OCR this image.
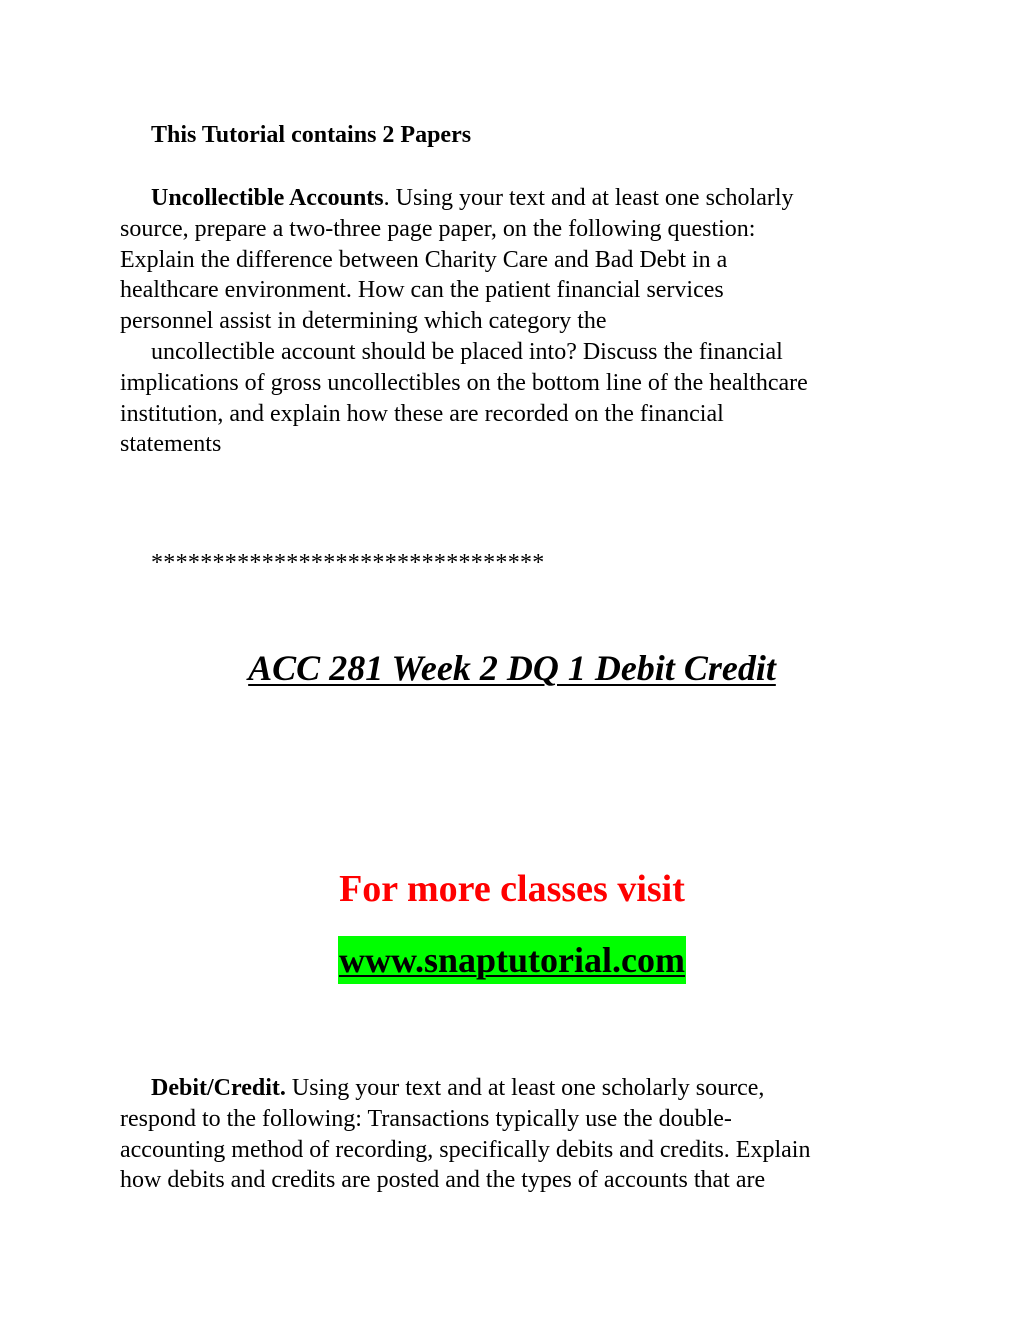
This Tutorial contains 2 Papers

Uncollectible Accounts. Using your text and at least one scholarly
source, prepare a two-three page paper, on the following question:
Explain the difference between Charity Care and Bad Debt in a
healthcare environment. How can the patient financial services
personnel assist in determining which category the
uncollectible account should be placed into? Discuss the financial
implications of gross uncollectibles on the bottom line of the healthcare
institution, and explain how these are recorded on the financial
statements

********************************
ACC 281 Week 2 DQ 1 Debit Credit
For more classes visit
www.snaptutorial.com

Debit/Credit. Using your text and at least one scholarly source,
respond to the following: Transactions typically use the double-
accounting method of recording, specifically debits and credits. Explain
how debits and credits are posted and the types of accounts that are
